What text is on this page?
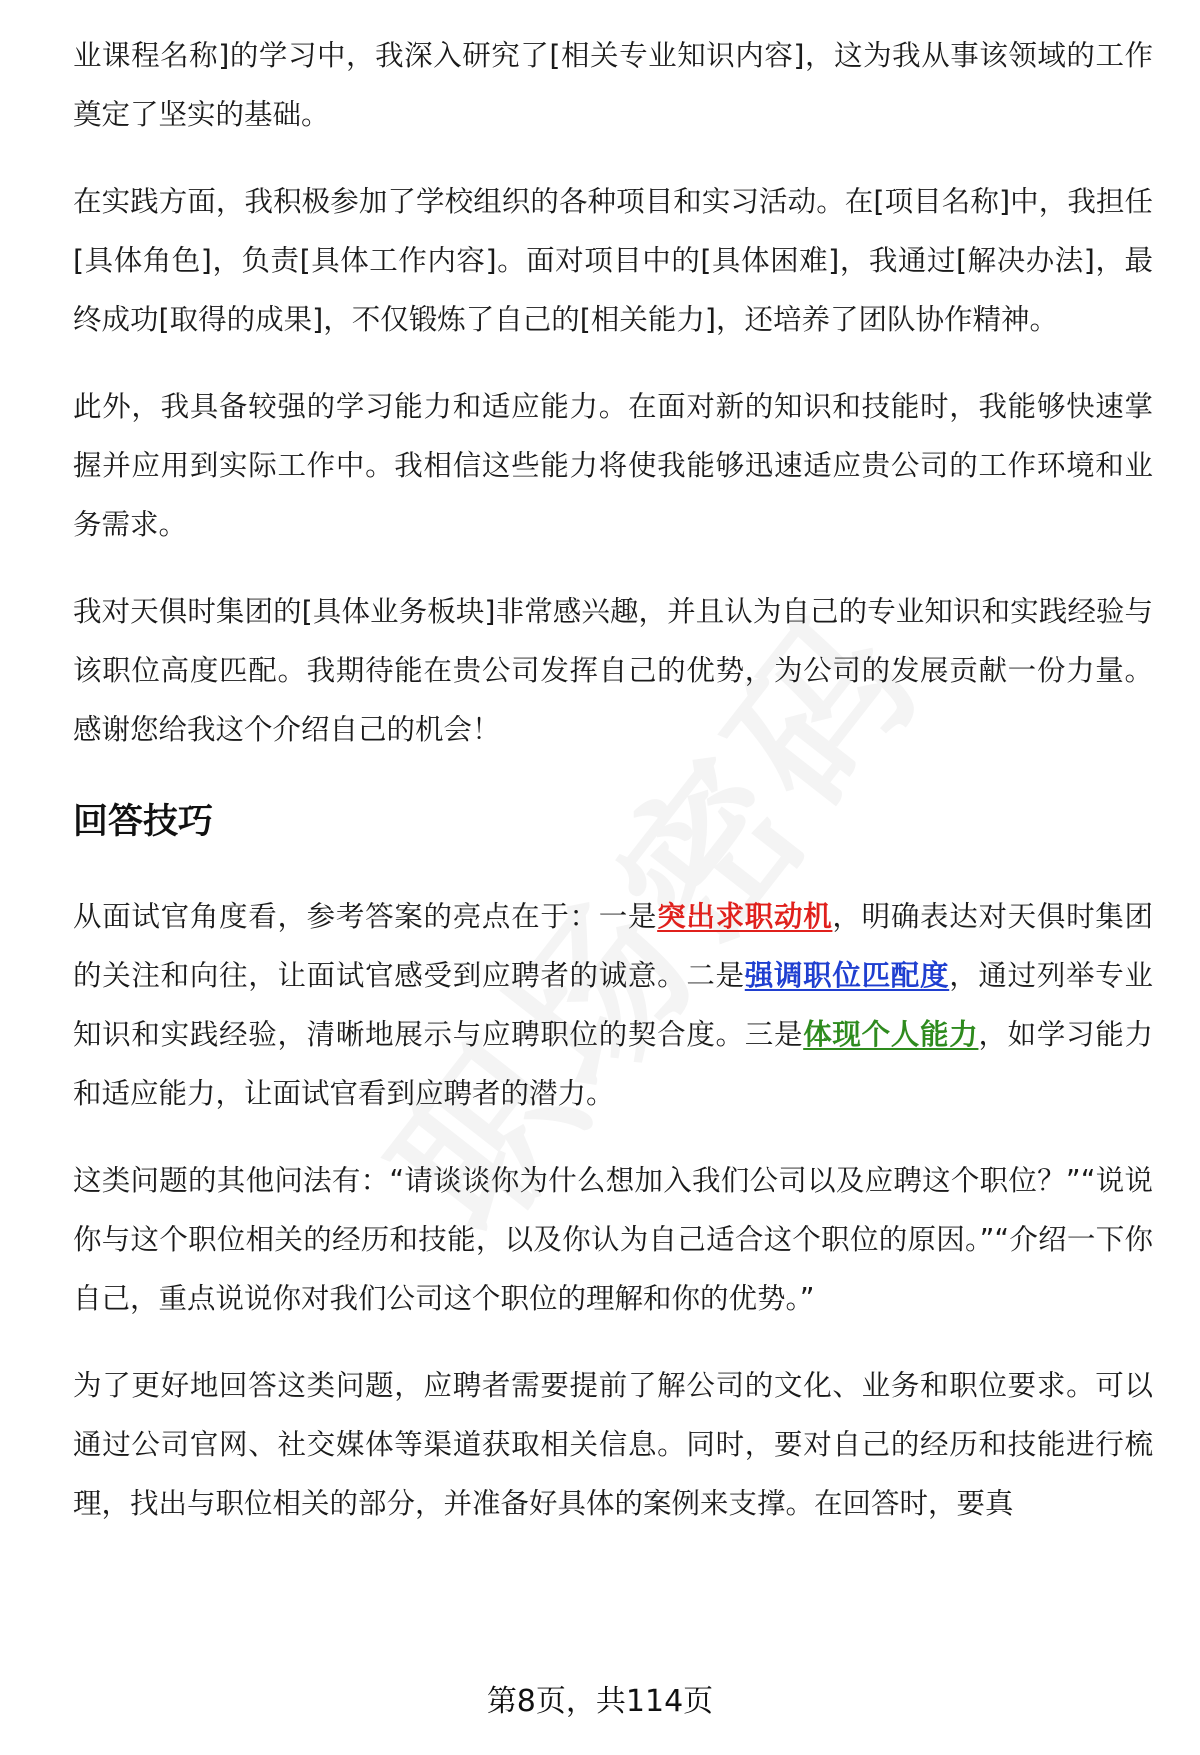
业课程名称]的学习中，我深入研究了[相关专业知识内容]，这为我从事该领域的工作奠定了坚实的基础。

在实践方面，我积极参加了学校组织的各种项目和实习活动。在[项目名称]中，我担任[具体角色]，负责[具体工作内容]。面对项目中的[具体困难]，我通过[解决办法]，最终成功[取得的成果]，不仅锻炼了自己的[相关能力]，还培养了团队协作精神。

此外，我具备较强的学习能力和适应能力。在面对新的知识和技能时，我能够快速掌握并应用到实际工作中。我相信这些能力将使我能够迅速适应贵公司的工作环境和业务需求。

我对天俱时集团的[具体业务板块]非常感兴趣，并且认为自己的专业知识和实践经验与该职位高度匹配。我期待能在贵公司发挥自己的优势，为公司的发展贡献一份力量。感谢您给我这个介绍自己的机会！

回答技巧

从面试官角度看，参考答案的亮点在于：一是突出求职动机，明确表达对天俱时集团的关注和向往，让面试官感受到应聘者的诚意。二是强调职位匹配度，通过列举专业知识和实践经验，清晰地展示与应聘职位的契合度。三是体现个人能力，如学习能力和适应能力，让面试官看到应聘者的潜力。

这类问题的其他问法有：“请谈谈你为什么想加入我们公司以及应聘这个职位？”“说说你与这个职位相关的经历和技能，以及你认为自己适合这个职位的原因。”“介绍一下你自己，重点说说你对我们公司这个职位的理解和你的优势。”

为了更好地回答这类问题，应聘者需要提前了解公司的文化、业务和职位要求。可以通过公司官网、社交媒体等渠道获取相关信息。同时，要对自己的经历和技能进行梳理，找出与职位相关的部分，并准备好具体的案例来支撑。在回答时，要真

第8页，共114页
